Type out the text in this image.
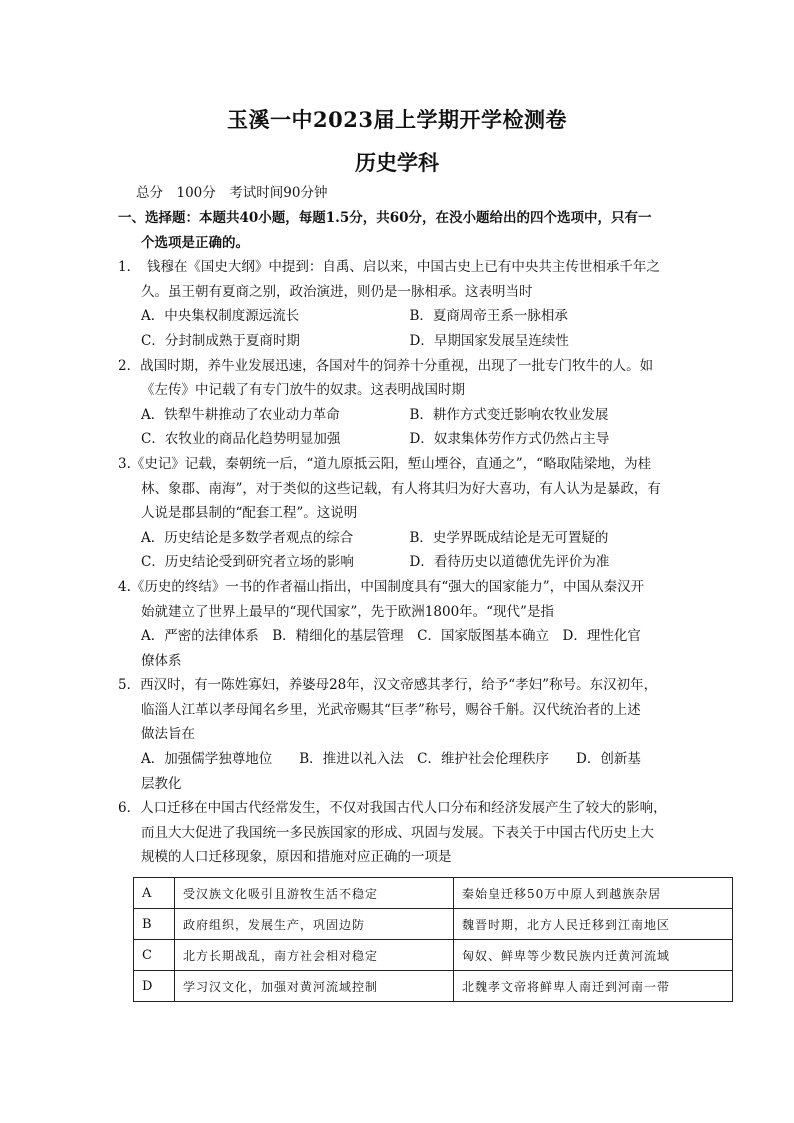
玉溪一中2023届上学期开学检测卷
历史学科
总分　100分　考试时间90分钟
一、选择题：本题共40小题，每题1.5分，共60分，在没小题给出的四个选项中，只有一
个选项是正确的。
1．　钱穆在《国史大纲》中提到：自禹、启以来，中国古史上已有中央共主传世相承千年之
久。虽王朝有夏商之别，政治演进，则仍是一脉相承。这表明当时
A．中央集权制度源远流长	B．夏商周帝王系一脉相承
C．分封制成熟于夏商时期	D．早期国家发展呈连续性
2．战国时期，养牛业发展迅速，各国对牛的饲养十分重视，出现了一批专门牧牛的人。如
《左传》中记载了有专门放牛的奴隶。这表明战国时期
A．铁犁牛耕推动了农业动力革命	B．耕作方式变迁影响农牧业发展
C．农牧业的商品化趋势明显加强	D．奴隶集体劳作方式仍然占主导
3.《史记》记载，秦朝统一后，“道九原抵云阳，堑山堙谷，直通之”，“略取陆梁地，为桂
林、象郡、南海”，对于类似的这些记载，有人将其归为好大喜功，有人认为是暴政，有
人说是郡县制的“配套工程”。这说明
A．历史结论是多数学者观点的综合	B．史学界既成结论是无可置疑的
C．历史结论受到研究者立场的影响	D．看待历史以道德优先评价为准
4.《历史的终结》一书的作者福山指出，中国制度具有“强大的国家能力”，中国从秦汉开
始就建立了世界上最早的“现代国家”，先于欧洲1800年。“现代”是指
A．严密的法律体系　B．精细化的基层管理　C．国家版图基本确立　D．理性化官
僚体系
5．西汉时，有一陈姓寡妇，养婆母28年，汉文帝感其孝行，给予“孝妇”称号。东汉初年，
临淄人江革以孝母闻名乡里，光武帝赐其“巨孝”称号，赐谷千斛。汉代统治者的上述
做法旨在
A．加强儒学独尊地位　　B．推进以礼入法　C．维护社会伦理秩序　　D．创新基
层教化
6．人口迁移在中国古代经常发生，不仅对我国古代人口分布和经济发展产生了较大的影响，
而且大大促进了我国统一多民族国家的形成、巩固与发展。下表关于中国古代历史上大
规模的人口迁移现象，原因和措施对应正确的一项是
A	受汉族文化吸引且游牧生活不稳定	秦始皇迁移50万中原人到越族杂居
B	政府组织，发展生产，巩固边防	魏晋时期，北方人民迁移到江南地区
C	北方长期战乱，南方社会相对稳定	匈奴、鲜卑等少数民族内迁黄河流域
D	学习汉文化，加强对黄河流域控制	北魏孝文帝将鲜卑人南迁到河南一带
